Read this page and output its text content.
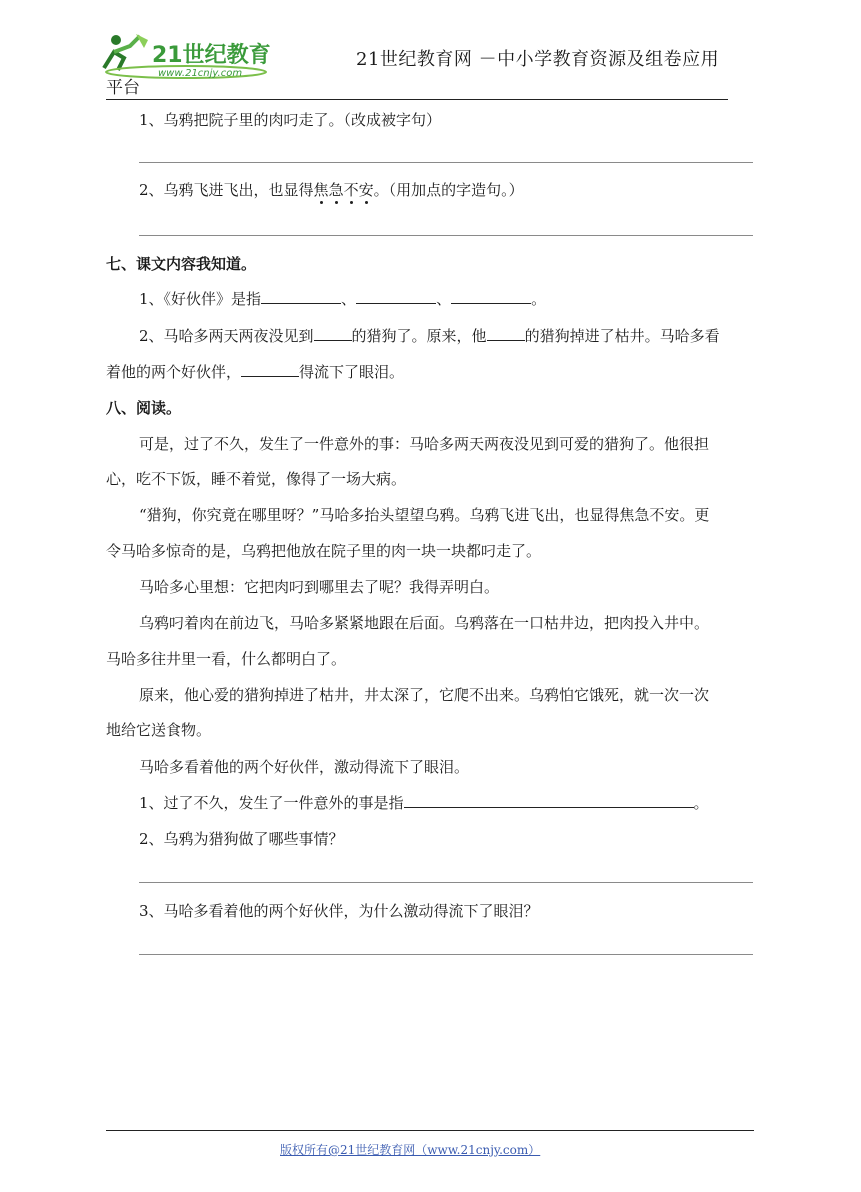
21世纪教育
www.21cnjy.com
21世纪教育网 －中小学教育资源及组卷应用
平台
1、乌鸦把院子里的肉叼走了。（改成被字句）
2、乌鸦飞进飞出，也显得焦急不安。（用加点的字造句。）
七、课文内容我知道。
1、《好伙伴》是指	、	、	。
2、马哈多两天两夜没见到	的猎狗了。原来，他	的猎狗掉进了枯井。马哈多看
着他的两个好伙伴，	得流下了眼泪。
八、阅读。
可是，过了不久，发生了一件意外的事：马哈多两天两夜没见到可爱的猎狗了。他很担
心，吃不下饭，睡不着觉，像得了一场大病。
“猎狗，你究竟在哪里呀？”马哈多抬头望望乌鸦。乌鸦飞进飞出，也显得焦急不安。更
令马哈多惊奇的是，乌鸦把他放在院子里的肉一块一块都叼走了。
马哈多心里想：它把肉叼到哪里去了呢？我得弄明白。
乌鸦叼着肉在前边飞，马哈多紧紧地跟在后面。乌鸦落在一口枯井边，把肉投入井中。
马哈多往井里一看，什么都明白了。
原来，他心爱的猎狗掉进了枯井，井太深了，它爬不出来。乌鸦怕它饿死，就一次一次
地给它送食物。
马哈多看着他的两个好伙伴，激动得流下了眼泪。
1、过了不久，发生了一件意外的事是指	。
2、乌鸦为猎狗做了哪些事情？
3、马哈多看着他的两个好伙伴，为什么激动得流下了眼泪？
版权所有@21世纪教育网（www.21cnjy.com）
